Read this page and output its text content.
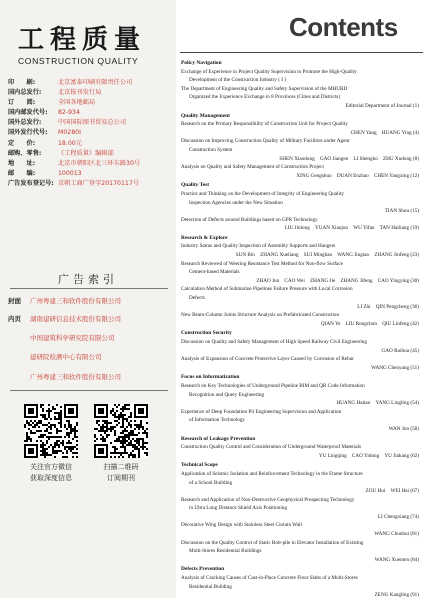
工程质量
CONSTRUCTION QUALITY
印　　刷:	北京富泰印刷有限责任公司
国内总发行:	北京报刊发行局
订　　阅:	全国各地邮局
国内邮发代号: 82-934
国外总发行:	中国国际图书贸易总公司
国外发行代号: M0280I
定　　价:	18.00元
邮购、零售:	《工程质量》编辑部
地　　址:	北京市朝阳区北三环东路30号
邮　　编:	100013
广告发布登记号: 京朝工商广登字20170117号
广告索引
封面 广州粤建三和软件股份有限公司
内页 湖南建研信息技术股份有限公司
中国建筑科学研究院有限公司
建研院检测中心有限公司
广州粤建三和软件股份有限公司
关注官方微信
获取深度信息
扫描二维码
订阅期刊
Contents
Policy Navigation
Exchange of Experience in Project Quality Supervision to Promote the High-Quality
Development of the Construction Industry ( I )
The Department of Engineering Quality and Safety Supervision of the MHURD
Organized the Experience Exchange in 8 Provinces (Cities and Districts)
Editorial Department of Journal (1)
Quality Management
Research on the Primary Responsibility of Construction Unit for Project Quality
CHEN Yang　HUANG Ying (4)
Discussion on Improving Construction Quality of Military Facilities under Agent
Construction System
SHEN Xiaodong　GAO Jiangen　LI Shengbo　ZHU Xudong (8)
Analysis on Quality and Safety Management of Construction Project
XING Gengshun　DUAN Enzhao　CHEN Yangxing (12)
Quality Test
Practice and Thinking on the Development of Integrity of Engineering Quality
Inspection Agencies under the New Situation
TIAN Shou (15)
Detection of Defects around Buildings based on GPR Technology
LIU Jinlong　YUAN Xiaojun　WU Yifan　TAN Hailiang (19)
Research & Explore
Industry Status and Quality Inspection of Assembly Supports and Hangers
SUN Bin　ZHANG Xueliang　SUI Minghao　WANG Jingtao　ZHANG Jinfeng (23)
Research Reviewed of Weering Resistance Test Method for Non-flow Surface
Cement-based Materials
ZHAO Jun　CAO Wei　ZHANG Jie　ZHANG Jifeng　CAO Yingying (30)
Calculation Method of Submarine Pipelines Failure Pressure with Local Corrosion
Defects
LI Zhi　QIN Pengcheng (36)
New Beam-Column Joints Structure Analysis on Prefabricated Construction
QIAN Ye　LIU Rongchun　QIU Linfeng (42)
Construction Security
Discussion on Quality and Safety Management of High Speed Railway Civil Engineering
GAO Ruihua (45)
Analysis of Expansion of Concrete Protective Layer Caused by Corrosion of Rebar
WANG Chenyang (51)
Focus on Informatization
Research on Key Technologies of Underground Pipeline BIM and QR Code Information
Recognition and Query Engineering
HUANG Haitao　YANG Lingling (54)
Experience of Deep Foundation Pit Engineering Supervision and Application
of Information Technology
WAN Jun (58)
Research of Leakage Prevention
Construction Quality Control and Consideration of Underground Waterproof Materials
YU Lingqing　CAO Yidong　YU Jiakang (62)
Technical Scope
Application of Seismic Isolation and Reinforcement Technology in the Frame Structure
of a School Building
ZOU Hui　WEI Hai (67)
Research and Application of Non-Destructive Geophysical Prospecting Technology
in Ultra Long Distance Shield Axis Positioning
LI Chengxiang (74)
Decorative Wing Design with Stainless Steel Curtain Wall
WANG Chunhui (81)
Discussion on the Quality Control of Static Bolt-pile in Elevator Installation of Existing
Multi-Stores Residential Buildings
WANG Xuemen (84)
Defects Prevention
Analysis of Cracking Causes of Cast-in-Place Concrete Floor Slabs of a Multi-Stores
Residential Building
ZENG Kangling (91)
